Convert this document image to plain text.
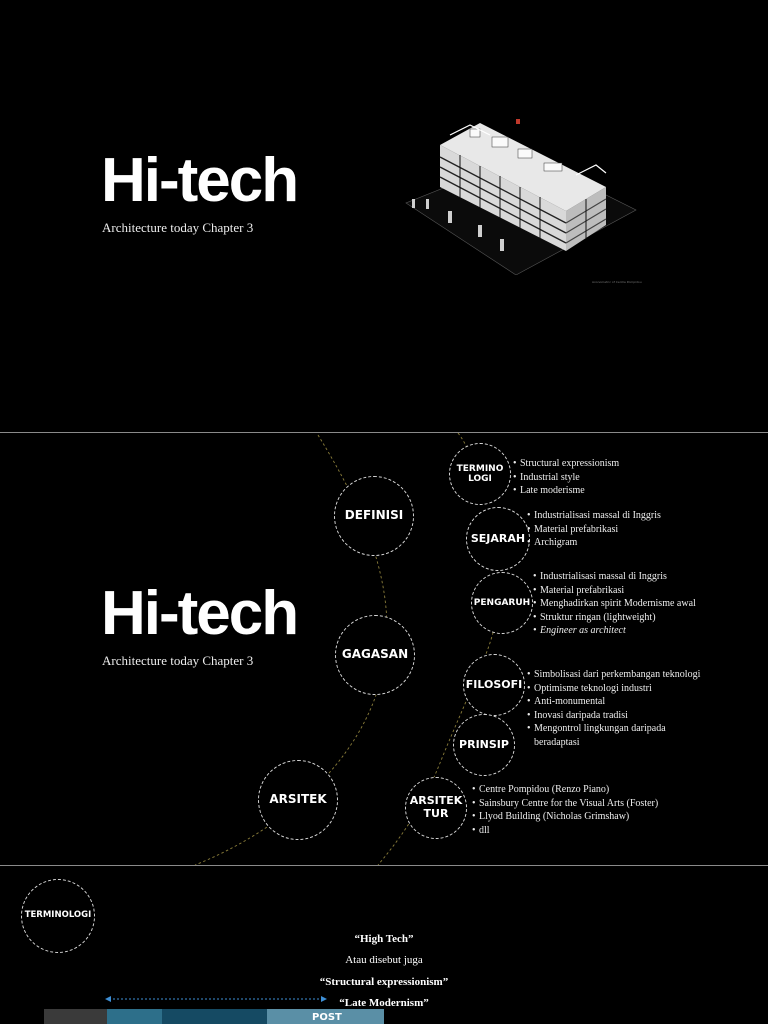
Hi-tech
Architecture today Chapter 3
Axonometric of Centre Pompidou
Hi-tech
Architecture today Chapter 3
DEFINISI
GAGASAN
ARSITEK
TERMINO
LOGI
SEJARAH
PENGARUH
FILOSOFI
PRINSIP
ARSITEK
TUR
• Structural expressionism
• Industrial style
• Late moderisme
• Industrialisasi massal di Inggris
• Material prefabrikasi
• Archigram
• Industrialisasi massal di Inggris
• Material prefabrikasi
• Menghadirkan spirit Modernisme awal
• Struktur ringan (lightweight)
• Engineer as architect
• Simbolisasi dari perkembangan teknologi
• Optimisme teknologi industri
• Anti-monumental
• Inovasi daripada tradisi
• Mengontrol lingkungan daripada
beradaptasi
• Centre Pompidou (Renzo Piano)
• Sainsbury Centre for the Visual Arts (Foster)
• Llyod Building (Nicholas Grimshaw)
• dll
TERMINOLOGI
“High Tech”
Atau disebut juga
“Structural expressionism”
“Late Modernism”
POST
